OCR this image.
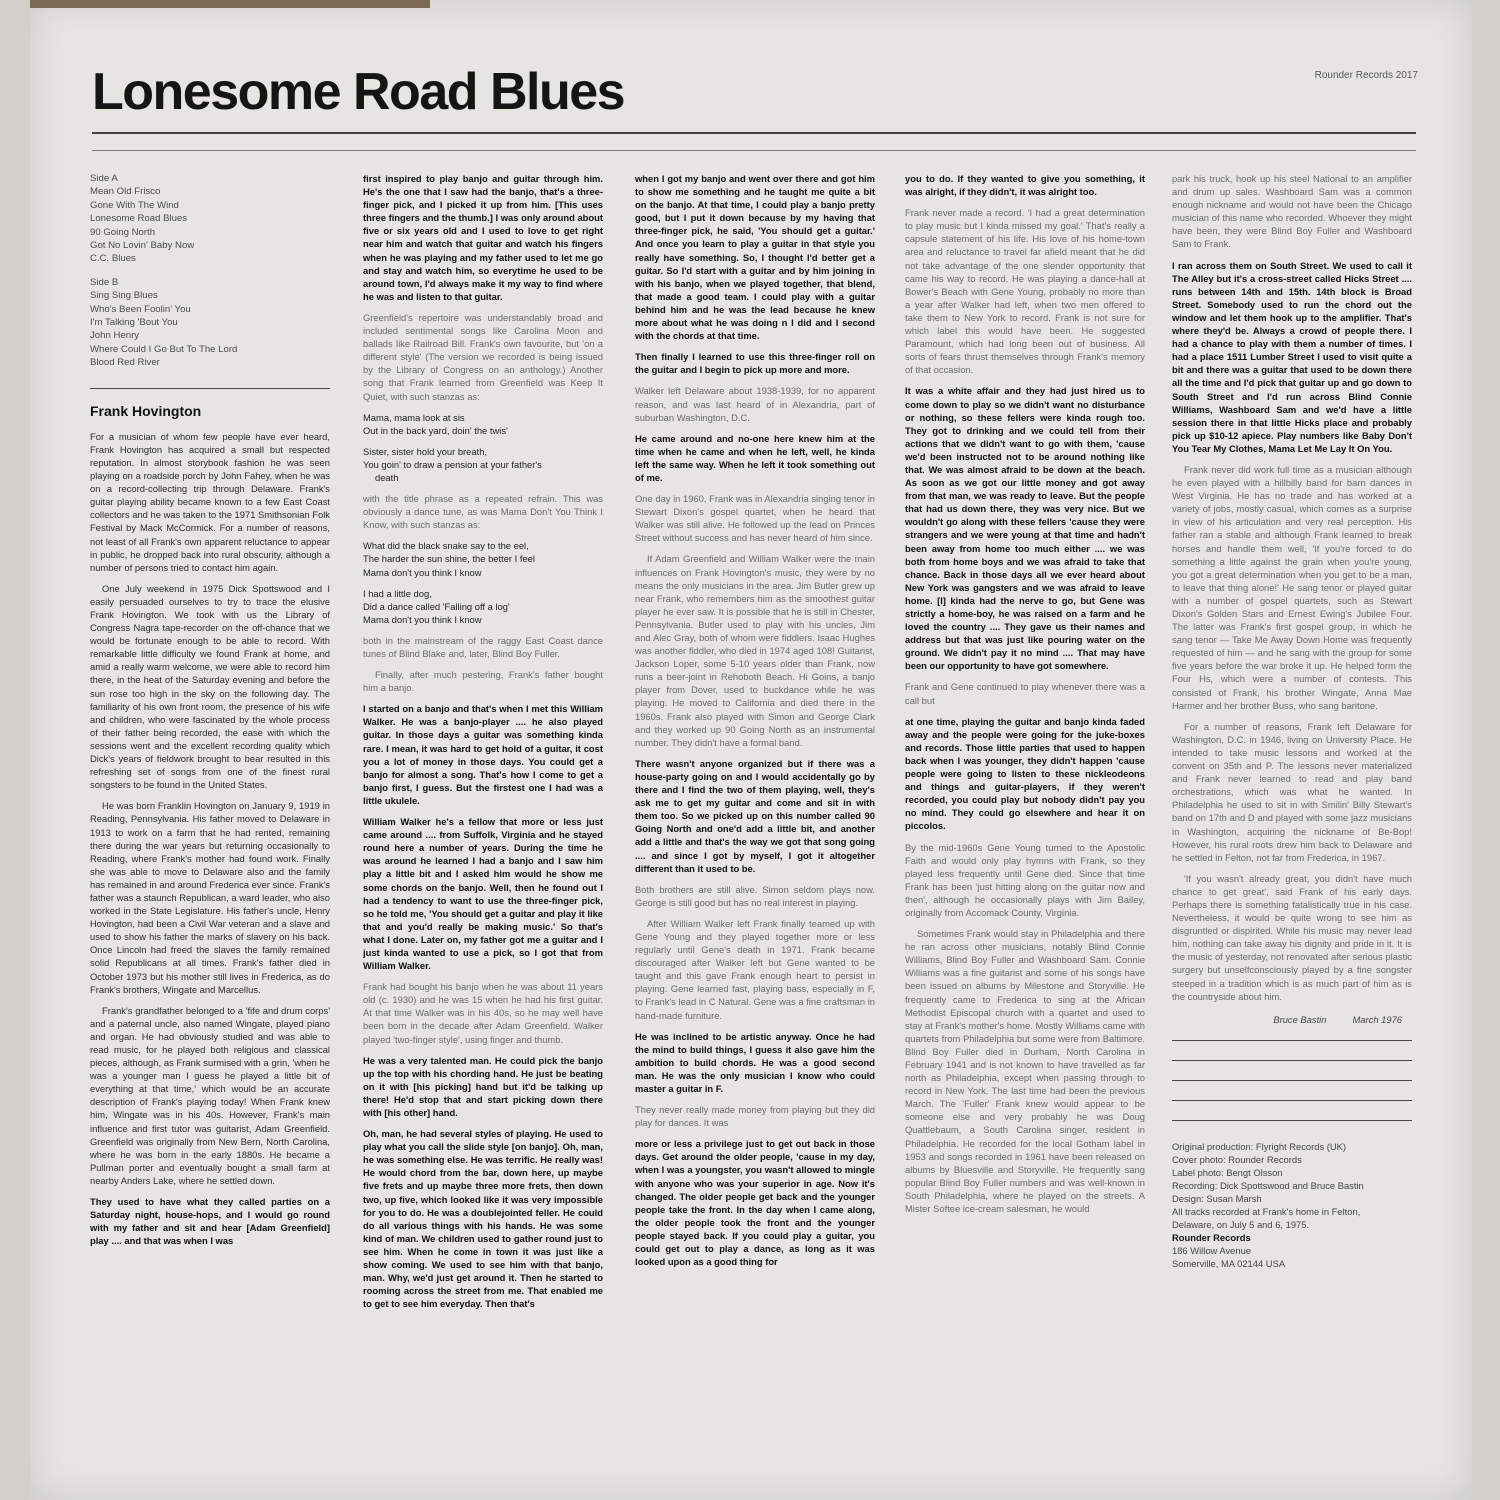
Lonesome Road Blues	Rounder Records 2017
Side A
Mean Old Frisco
Gone With The Wind
Lonesome Road Blues
90 Going North
Got No Lovin' Baby Now
C.C. Blues
Side B
Sing Sing Blues
Who's Been Foolin' You
I'm Talking 'Bout You
John Henry
Where Could I Go But To The Lord
Blood Red River
Frank Hovington

For a musician of whom few people have ever heard, Frank Hovington has acquired a small but respected reputation. In almost storybook fashion he was seen playing on a roadside porch by John Fahey, when he was on a record-collecting trip through Delaware. Frank's guitar playing ability became known to a few East Coast collectors and he was taken to the 1971 Smithsonian Folk Festival by Mack McCormick. For a number of reasons, not least of all Frank's own apparent reluctance to appear in public, he dropped back into rural obscurity, although a number of persons tried to contact him again.

One July weekend in 1975 Dick Spottswood and I easily persuaded ourselves to try to trace the elusive Frank Hovington. We took with us the Library of Congress Nagra tape-recorder on the off-chance that we would be fortunate enough to be able to record. With remarkable little difficulty we found Frank at home, and amid a really warm welcome, we were able to record him there, in the heat of the Saturday evening and before the sun rose too high in the sky on the following day. The familiarity of his own front room, the presence of his wife and children, who were fascinated by the whole process of their father being recorded, the ease with which the sessions went and the excellent recording quality which Dick's years of fieldwork brought to bear resulted in this refreshing set of songs from one of the finest rural songsters to be found in the United States.

He was born Franklin Hovington on January 9, 1919 in Reading, Pennsylvania. His father moved to Delaware in 1913 to work on a farm that he had rented, remaining there during the war years but returning occasionally to Reading, where Frank's mother had found work. Finally she was able to move to Delaware also and the family has remained in and around Frederica ever since. Frank's father was a staunch Republican, a ward leader, who also worked in the State Legislature. His father's uncle, Henry Hovington, had been a Civil War veteran and a slave and used to show his father the marks of slavery on his back. Once Lincoln had freed the slaves the family remained solid Republicans at all times. Frank's father died in October 1973 but his mother still lives in Frederica, as do Frank's brothers, Wingate and Marcellus.

Frank's grandfather belonged to a 'fife and drum corps' and a paternal uncle, also named Wingate, played piano and organ. He had obviously studied and was able to read music, for he played both religious and classical pieces, although, as Frank surmised with a grin, 'when he was a younger man I guess he played a little bit of everything at that time,' which would be an accurate description of Frank's playing today! When Frank knew him, Wingate was in his 40s. However, Frank's main influence and first tutor was guitarist, Adam Greenfield. Greenfield was originally from New Bern, North Carolina, where he was born in the early 1880s. He became a Pullman porter and eventually bought a small farm at nearby Anders Lake, where he settled down.

They used to have what they called parties on a Saturday night, house-hops, and I would go round with my father and sit and hear [Adam Greenfield] play .... and that was when I was

first inspired to play banjo and guitar through him. He's the one that I saw had the banjo, that's a three-finger pick, and I picked it up from him. [This uses three fingers and the thumb.] I was only around about five or six years old and I used to love to get right near him and watch that guitar and watch his fingers when he was playing and my father used to let me go and stay and watch him, so everytime he used to be around town, I'd always make it my way to find where he was and listen to that guitar.

Greenfield's repertoire was understandably broad and included sentimental songs like Carolina Moon and ballads like Railroad Bill. Frank's own favourite, but 'on a different style' (The version we recorded is being issued by the Library of Congress on an anthology.) Another song that Frank learned from Greenfield was Keep It Quiet, with such stanzas as:

Mama, mama look at sis
Out in the back yard, doin' the twis'
Sister, sister hold your breath,
You goin' to draw a pension at your father's
death

with the title phrase as a repeated refrain. This was obviously a dance tune, as was Mama Don't You Think I Know, with such stanzas as:

What did the black snake say to the eel,
The harder the sun shine, the better I feel
Mama don't you think I know
I had a little dog,
Did a dance called 'Falling off a log'
Mama don't you think I know

both in the mainstream of the raggy East Coast dance tunes of Blind Blake and, later, Blind Boy Fuller.

Finally, after much pestering, Frank's father bought him a banjo.

I started on a banjo and that's when I met this William Walker. He was a banjo-player .... he also played guitar. In those days a guitar was something kinda rare. I mean, it was hard to get hold of a guitar, it cost you a lot of money in those days. You could get a banjo for almost a song. That's how I come to get a banjo first, I guess. But the firstest one I had was a little ukulele.

William Walker he's a fellow that more or less just came around .... from Suffolk, Virginia and he stayed round here a number of years. During the time he was around he learned I had a banjo and I saw him play a little bit and I asked him would he show me some chords on the banjo. Well, then he found out I had a tendency to want to use the three-finger pick, so he told me, 'You should get a guitar and play it like that and you'd really be making music.' So that's what I done. Later on, my father got me a guitar and I just kinda wanted to use a pick, so I got that from William Walker.

Frank had bought his banjo when he was about 11 years old (c. 1930) and he was 15 when he had his first guitar. At that time Walker was in his 40s, so he may well have been born in the decade after Adam Greenfield. Walker played 'two-finger style', using finger and thumb.

He was a very talented man. He could pick the banjo up the top with his chording hand. He just be beating on it with [his picking] hand but it'd be talking up there! He'd stop that and start picking down there with [his other] hand.

Oh, man, he had several styles of playing. He used to play what you call the slide style [on banjo]. Oh, man, he was something else. He was terrific. He really was! He would chord from the bar, down here, up maybe five frets and up maybe three more frets, then down two, up five, which looked like it was very impossible for you to do. He was a doublejointed feller. He could do all various things with his hands. He was some kind of man. We children used to gather round just to see him. When he come in town it was just like a show coming. We used to see him with that banjo, man. Why, we'd just get around it. Then he started to rooming across the street from me. That enabled me to get to see him everyday. Then that's

when I got my banjo and went over there and got him to show me something and he taught me quite a bit on the banjo. At that time, I could play a banjo pretty good, but I put it down because by my having that three-finger pick, he said, 'You should get a guitar.' And once you learn to play a guitar in that style you really have something. So, I thought I'd better get a guitar. So I'd start with a guitar and by him joining in with his banjo, when we played together, that blend, that made a good team. I could play with a guitar behind him and he was the lead because he knew more about what he was doing n I did and I second with the chords at that time.

Then finally I learned to use this three-finger roll on the guitar and I begin to pick up more and more.

Walker left Delaware about 1938-1939, for no apparent reason, and was last heard of in Alexandria, part of suburban Washington, D.C.

He came around and no-one here knew him at the time when he came and when he left, well, he kinda left the same way. When he left it took something out of me.

One day in 1960, Frank was in Alexandria singing tenor in Stewart Dixon's gospel quartet, when he heard that Walker was still alive. He followed up the lead on Princes Street without success and has never heard of him since.

If Adam Greenfield and William Walker were the main influences on Frank Hovington's music, they were by no means the only musicians in the area. Jim Butler grew up near Frank, who remembers him as the smoothest guitar player he ever saw. It is possible that he is still in Chester, Pennsylvania. Butler used to play with his uncles, Jim and Alec Gray, both of whom were fiddlers. Isaac Hughes was another fiddler, who died in 1974 aged 108! Guitarist, Jackson Loper, some 5-10 years older than Frank, now runs a beer-joint in Rehoboth Beach. Hi Goins, a banjo player from Dover, used to buckdance while he was playing. He moved to California and died there in the 1960s. Frank also played with Simon and George Clark and they worked up 90 Going North as an instrumental number. They didn't have a formal band.

There wasn't anyone organized but if there was a house-party going on and I would accidentally go by there and I find the two of them playing, well, they's ask me to get my guitar and come and sit in with them too. So we picked up on this number called 90 Going North and one'd add a little bit, and another add a little and that's the way we got that song going .... and since I got by myself, I got it altogether different than it used to be.

Both brothers are still alive. Simon seldom plays now. George is still good but has no real interest in playing.

After William Walker left Frank finally teamed up with Gene Young and they played together more or less regularly until Gene's death in 1971. Frank became discouraged after Walker left but Gene wanted to be taught and this gave Frank enough heart to persist in playing. Gene learned fast, playing bass, especially in F, to Frank's lead in C Natural. Gene was a fine craftsman in hand-made furniture.

He was inclined to be artistic anyway. Once he had the mind to build things, I guess it also gave him the ambition to build chords. He was a good second man. He was the only musician I know who could master a guitar in F.

They never really made money from playing but they did play for dances. It was

more or less a privilege just to get out back in those days. Get around the older people, 'cause in my day, when I was a youngster, you wasn't allowed to mingle with anyone who was your superior in age. Now it's changed. The older people get back and the younger people take the front. In the day when I came along, the older people took the front and the younger people stayed back. If you could play a guitar, you could get out to play a dance, as long as it was looked upon as a good thing for

you to do. If they wanted to give you something, it was alright, if they didn't, it was alright too.

Frank never made a record. 'I had a great determination to play music but I kinda missed my goal.' That's really a capsule statement of his life. His love of his home-town area and reluctance to travel far afield meant that he did not take advantage of the one slender opportunity that came his way to record. He was playing a dance-hall at Bower's Beach with Gene Young, probably no more than a year after Walker had left, when two men offered to take them to New York to record. Frank is not sure for which label this would have been. He suggested Paramount, which had long been out of business. All sorts of fears thrust themselves through Frank's memory of that occasion.

It was a white affair and they had just hired us to come down to play so we didn't want no disturbance or nothing, so these fellers were kinda rough too. They got to drinking and we could tell from their actions that we didn't want to go with them, 'cause we'd been instructed not to be around nothing like that. We was almost afraid to be down at the beach. As soon as we got our little money and got away from that man, we was ready to leave. But the people that had us down there, they was very nice. But we wouldn't go along with these fellers 'cause they were strangers and we were young at that time and hadn't been away from home too much either .... we was both from home boys and we was afraid to take that chance. Back in those days all we ever heard about New York was gangsters and we was afraid to leave home. [I] kinda had the nerve to go, but Gene was strictly a home-boy, he was raised on a farm and he loved the country .... They gave us their names and address but that was just like pouring water on the ground. We didn't pay it no mind .... That may have been our opportunity to have got somewhere.

Frank and Gene continued to play whenever there was a call but

at one time, playing the guitar and banjo kinda faded away and the people were going for the juke-boxes and records. Those little parties that used to happen back when I was younger, they didn't happen 'cause people were going to listen to these nickleodeons and things and guitar-players, if they weren't recorded, you could play but nobody didn't pay you no mind. They could go elsewhere and hear it on piccolos.

By the mid-1960s Gene Young turned to the Apostolic Faith and would only play hymns with Frank, so they played less frequently until Gene died. Since that time Frank has been 'just hitting along on the guitar now and then', although he occasionally plays with Jim Bailey, originally from Accomack County, Virginia.

Sometimes Frank would stay in Philadelphia and there he ran across other musicians, notably Blind Connie Williams, Blind Boy Fuller and Washboard Sam. Connie Williams was a fine guitarist and some of his songs have been issued on albums by Milestone and Storyville. He frequently came to Frederica to sing at the African Methodist Episcopal church with a quartet and used to stay at Frank's mother's home. Mostly Williams came with quartets from Philadelphia but some were from Baltimore. Blind Boy Fuller died in Durham, North Carolina in February 1941 and is not known to have travelled as far north as Philadelphia, except when passing through to record in New York. The last time had been the previous March. The 'Fuller' Frank knew would appear to be someone else and very probably he was Doug Quattlebaum, a South Carolina singer, resident in Philadelphia. He recorded for the local Gotham label in 1953 and songs recorded in 1961 have been released on albums by Bluesville and Storyville. He frequently sang popular Blind Boy Fuller numbers and was well-known in South Philadelphia, where he played on the streets. A Mister Softee ice-cream salesman, he would

park his truck, hook up his steel National to an amplifier and drum up sales. Washboard Sam was a common enough nickname and would not have been the Chicago musician of this name who recorded. Whoever they might have been, they were Blind Boy Fuller and Washboard Sam to Frank.

I ran across them on South Street. We used to call it The Alley but it's a cross-street called Hicks Street .... runs between 14th and 15th. 14th block is Broad Street. Somebody used to run the chord out the window and let them hook up to the amplifier. That's where they'd be. Always a crowd of people there. I had a chance to play with them a number of times. I had a place 1511 Lumber Street I used to visit quite a bit and there was a guitar that used to be down there all the time and I'd pick that guitar up and go down to South Street and I'd run across Blind Connie Williams, Washboard Sam and we'd have a little session there in that little Hicks place and probably pick up $10-12 apiece. Play numbers like Baby Don't You Tear My Clothes, Mama Let Me Lay It On You.

Frank never did work full time as a musician although he even played with a hillbilly band for barn dances in West Virginia. He has no trade and has worked at a variety of jobs, mostly casual, which comes as a surprise in view of his articulation and very real perception. His father ran a stable and although Frank learned to break horses and handle them well, 'If you're forced to do something a little against the grain when you're young, you got a great determination when you get to be a man, to leave that thing alone!' He sang tenor or played guitar with a number of gospel quartets, such as Stewart Dixon's Golden Stars and Ernest Ewing's Jubilee Four. The latter was Frank's first gospel group, in which he sang tenor — Take Me Away Down Home was frequently requested of him — and he sang with the group for some five years before the war broke it up. He helped form the Four Hs, which were a number of contests. This consisted of Frank, his brother Wingate, Anna Mae Harmer and her brother Buss, who sang baritone.

For a number of reasons, Frank left Delaware for Washington, D.C. in 1946, living on University Place. He intended to take music lessons and worked at the convent on 35th and P. The lessons never materialized and Frank never learned to read and play band orchestrations, which was what he wanted. In Philadelphia he used to sit in with Smilin' Billy Stewart's band on 17th and D and played with some jazz musicians in Washington, acquiring the nickname of Be-Bop! However, his rural roots drew him back to Delaware and he settled in Felton, not far from Frederica, in 1967.

'If you wasn't already great, you didn't have much chance to get great', said Frank of his early days. Perhaps there is something fatalistically true in his case. Nevertheless, it would be quite wrong to see him as disgruntled or dispirited. While his music may never lead him, nothing can take away his dignity and pride in it. It is the music of yesterday, not renovated after serious plastic surgery but unselfconsciously played by a fine songster steeped in a tradition which is as much part of him as is the countryside about him.

Bruce Bastin	March 1976
Original production: Flyright Records (UK)
Cover photo: Rounder Records
Label photo: Bengt Olsson
Recording: Dick Spottswood and Bruce Bastin
Design: Susan Marsh
All tracks recorded at Frank's home in Felton,
Delaware, on July 5 and 6, 1975.
Rounder Records
186 Willow Avenue
Somerville, MA 02144 USA
